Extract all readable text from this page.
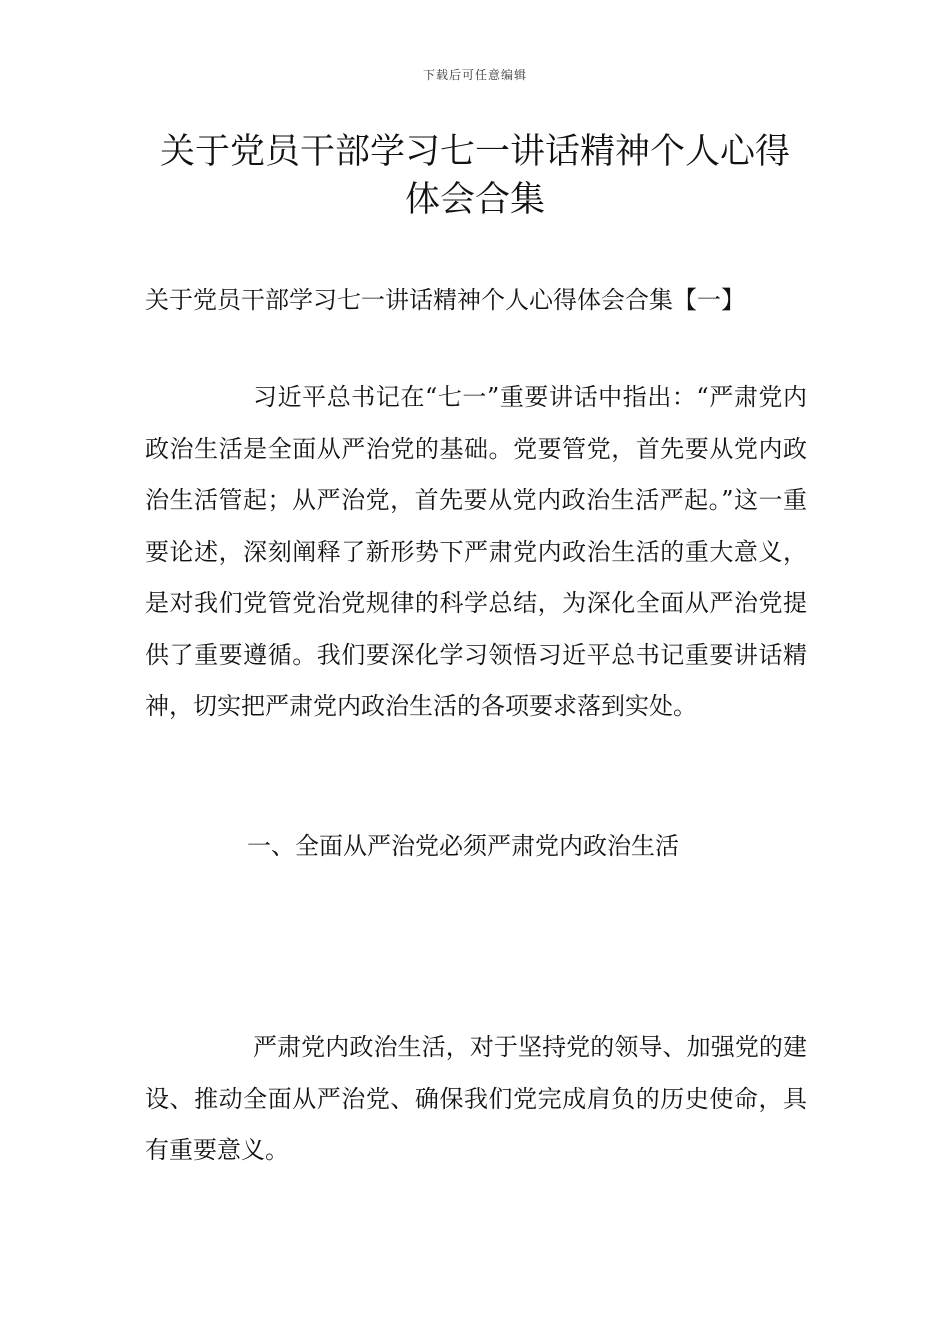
下载后可任意编辑
关于党员干部学习七一讲话精神个人心得
体会合集

关于党员干部学习七一讲话精神个人心得体会合集【一】

习近平总书记在“七一”重要讲话中指出：“严肃党内政治生活是全面从严治党的基础。党要管党，首先要从党内政治生活管起；从严治党，首先要从党内政治生活严起。”这一重要论述，深刻阐释了新形势下严肃党内政治生活的重大意义，是对我们党管党治党规律的科学总结，为深化全面从严治党提供了重要遵循。我们要深化学习领悟习近平总书记重要讲话精神，切实把严肃党内政治生活的各项要求落到实处。

一、全面从严治党必须严肃党内政治生活

严肃党内政治生活，对于坚持党的领导、加强党的建设、推动全面从严治党、确保我们党完成肩负的历史使命，具有重要意义。
